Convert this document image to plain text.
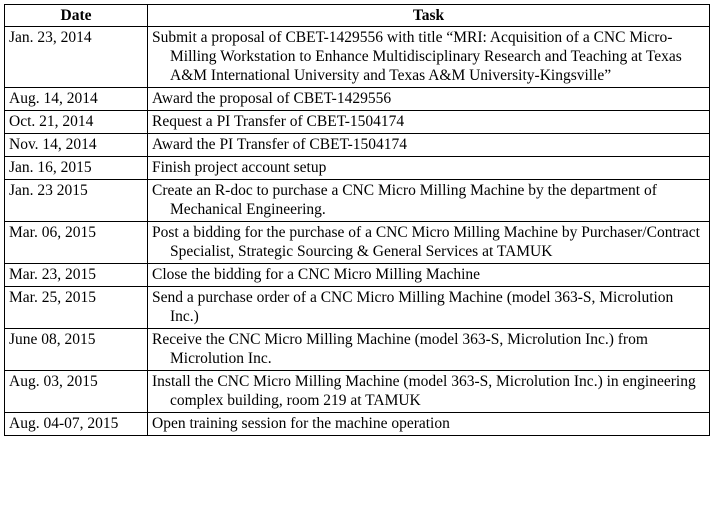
Date	Task
Jan. 23, 2014	Submit a proposal of CBET-1429556 with title “MRI: Acquisition of a CNC Micro-Milling Workstation to Enhance Multidisciplinary Research and Teaching at Texas A&M International University and Texas A&M University-Kingsville”

Aug. 14, 2014	Award the proposal of CBET-1429556

Oct. 21, 2014	Request a PI Transfer of CBET-1504174

Nov. 14, 2014	Award the PI Transfer of CBET-1504174

Jan. 16, 2015	Finish project account setup

Jan. 23 2015	Create an R-doc to purchase a CNC Micro Milling Machine by the department of Mechanical Engineering.

Mar. 06, 2015	Post a bidding for the purchase of a CNC Micro Milling Machine by Purchaser/Contract Specialist, Strategic Sourcing & General Services at TAMUK

Mar. 23, 2015	Close the bidding for a CNC Micro Milling Machine

Mar. 25, 2015	Send a purchase order of a CNC Micro Milling Machine (model 363-S, Microlution Inc.)

June 08, 2015	Receive the CNC Micro Milling Machine (model 363-S, Microlution Inc.) from Microlution Inc.

Aug. 03, 2015	Install the CNC Micro Milling Machine (model 363-S, Microlution Inc.) in engineering complex building, room 219 at TAMUK

Aug. 04-07, 2015	Open training session for the machine operation
